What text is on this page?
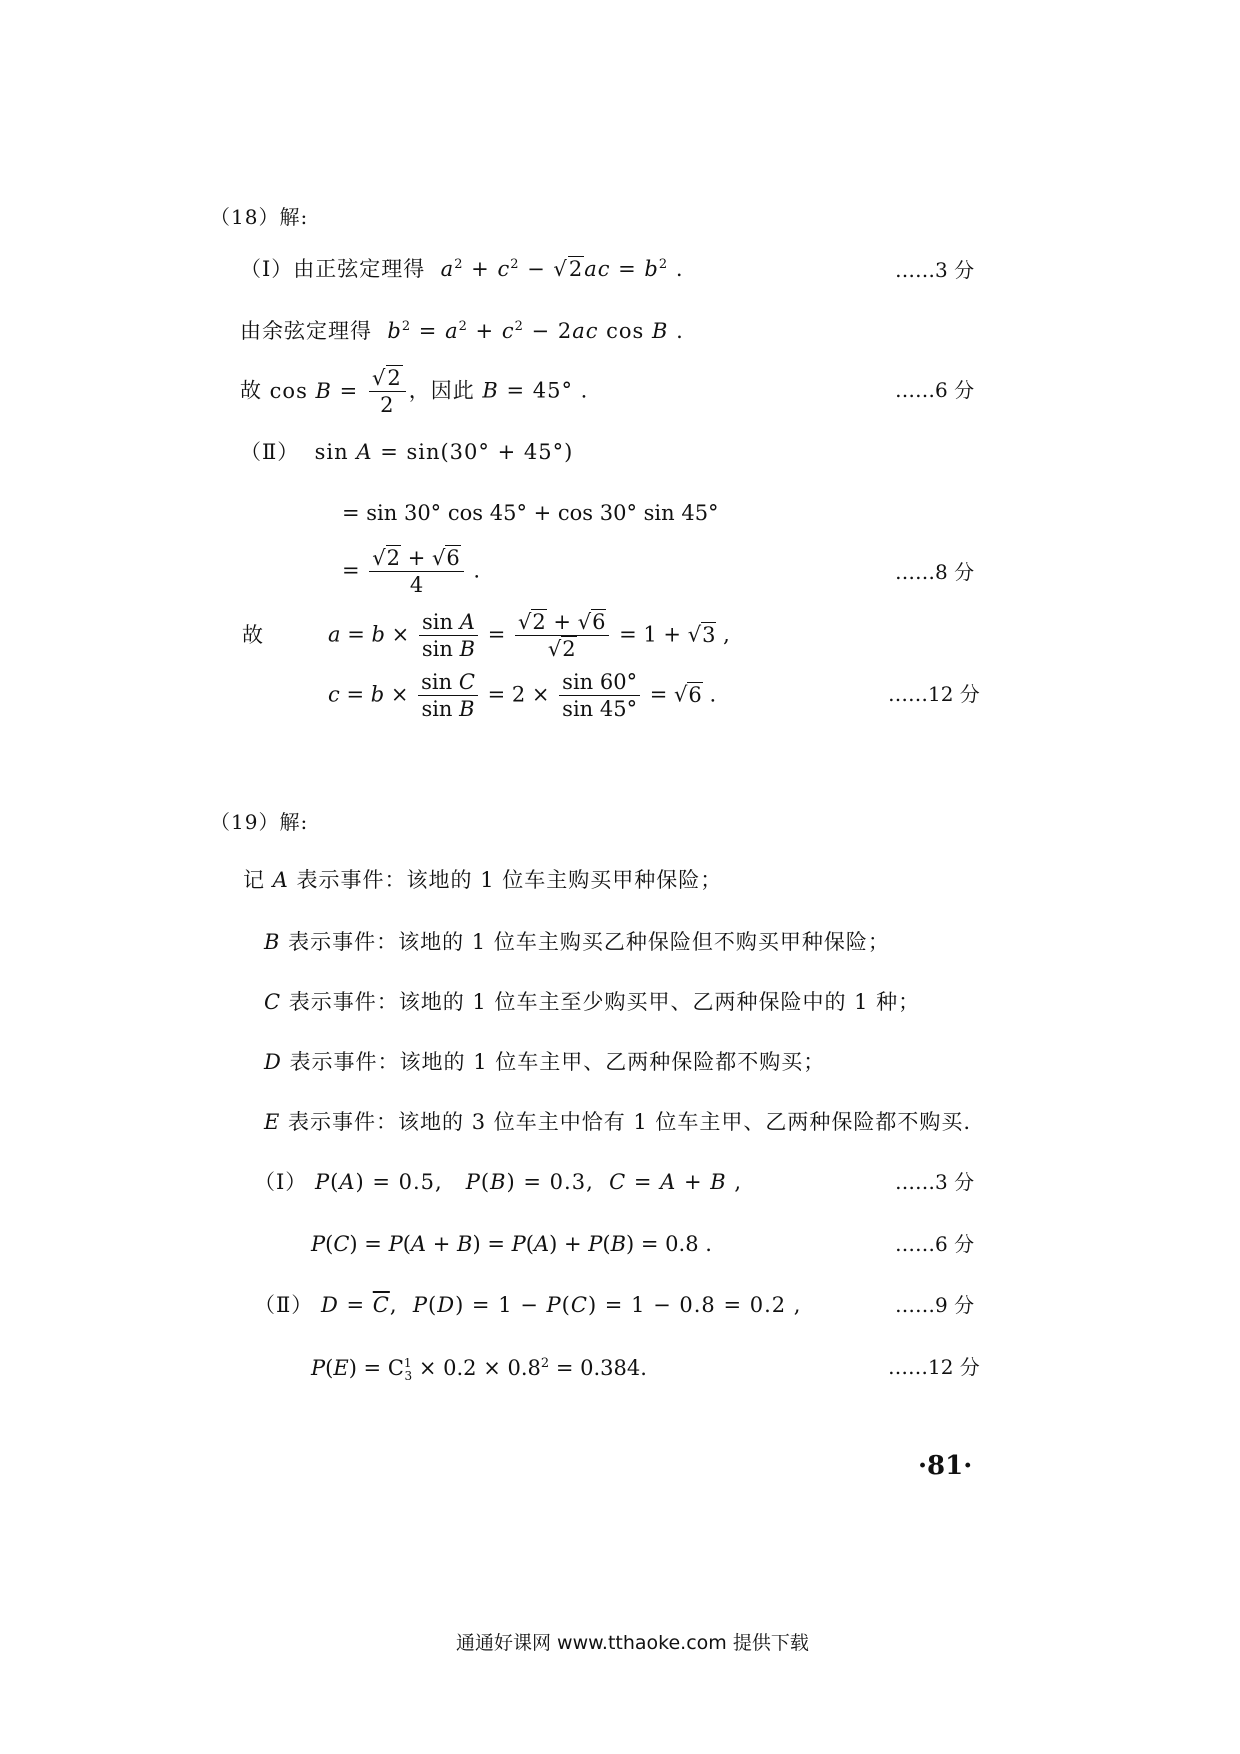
（18）解:
（Ⅰ）由正弦定理得 $a^2 + c^2 - √2ac = b^2$ .	……3 分
由余弦定理得 $b^2 = a^2 + c^2 - 2ac$ cos B .
故 $\cos B = \frac{√2}{2}$ ，因此 B = 45° .	……6 分
（Ⅱ）  sin A = sin(30° + 45°)
= sin 30° cos 45° + cos 30° sin 45°
= $\frac{√2 + √6}{4}$ .	……8 分
故	$a = b \times \frac{\text{sin A}}{\text{sin B}} = \frac{√2 + √6}{√2} = 1 + √3$ ,
$c = b \times \frac{\text{sin C}}{\text{sin B}} = 2 \times \frac{\sin 60^\circ}{\sin 45^\circ} = √6$ .	……12 分
（19）解:
记 A 表示事件：该地的 1 位车主购买甲种保险；
B 表示事件：该地的 1 位车主购买乙种保险但不购买甲种保险；
C 表示事件：该地的 1 位车主至少购买甲、乙两种保险中的 1 种；
D 表示事件：该地的 1 位车主甲、乙两种保险都不购买；
E 表示事件：该地的 3 位车主中恰有 1 位车主甲、乙两种保险都不购买.
（Ⅰ） P(A) = 0.5,   P(B) = 0.3,  C = A + B ,	……3 分
P(C) = P(A + B) = P(A) + P(B) = 0.8 .	……6 分
（Ⅱ） $D = \overline{C}$,  P(D) = 1 − P(C) = 1 − 0.8 = 0.2 ,	……9 分
$P(E) = C^1_3 \times 0.2 \times 0.8^2 = 0.384$.	……12 分
·81·
通通好课网 www.tthaoke.com 提供下载
